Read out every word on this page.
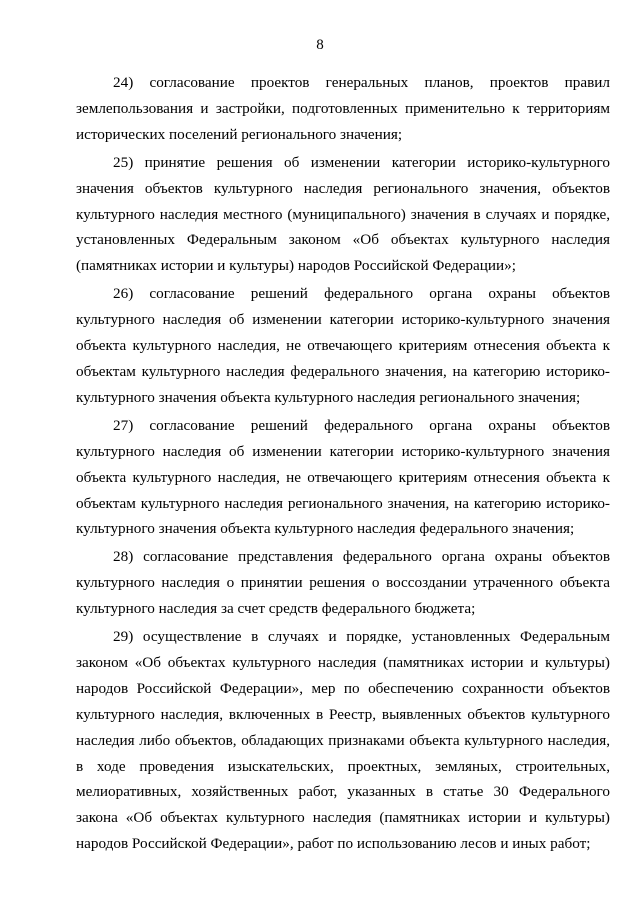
8

24) согласование проектов генеральных планов, проектов правил
землепользования и застройки, подготовленных применительно к территориям
исторических поселений регионального значения;

25) принятие решения об изменении категории историко-культурного
значения объектов культурного наследия регионального значения, объектов
культурного наследия местного (муниципального) значения в случаях и порядке,
установленных Федеральным законом «Об объектах культурного наследия
(памятниках истории и культуры) народов Российской Федерации»;

26) согласование решений федерального органа охраны объектов
культурного наследия об изменении категории историко-культурного значения
объекта культурного наследия, не отвечающего критериям отнесения объекта к
объектам культурного наследия федерального значения, на категорию историко-
культурного значения объекта культурного наследия регионального значения;

27) согласование решений федерального органа охраны объектов
культурного наследия об изменении категории историко-культурного значения
объекта культурного наследия, не отвечающего критериям отнесения объекта к
объектам культурного наследия регионального значения, на категорию историко-
культурного значения объекта культурного наследия федерального значения;

28) согласование представления федерального органа охраны объектов
культурного наследия о принятии решения о воссоздании утраченного объекта
культурного наследия за счет средств федерального бюджета;

29) осуществление в случаях и порядке, установленных Федеральным
законом «Об объектах культурного наследия (памятниках истории и культуры)
народов Российской Федерации», мер по обеспечению сохранности объектов
культурного наследия, включенных в Реестр, выявленных объектов культурного
наследия либо объектов, обладающих признаками объекта культурного наследия,
в ходе проведения изыскательских, проектных, земляных, строительных,
мелиоративных, хозяйственных работ, указанных в статье 30 Федерального
закона «Об объектах культурного наследия (памятниках истории и культуры)
народов Российской Федерации», работ по использованию лесов и иных работ;
